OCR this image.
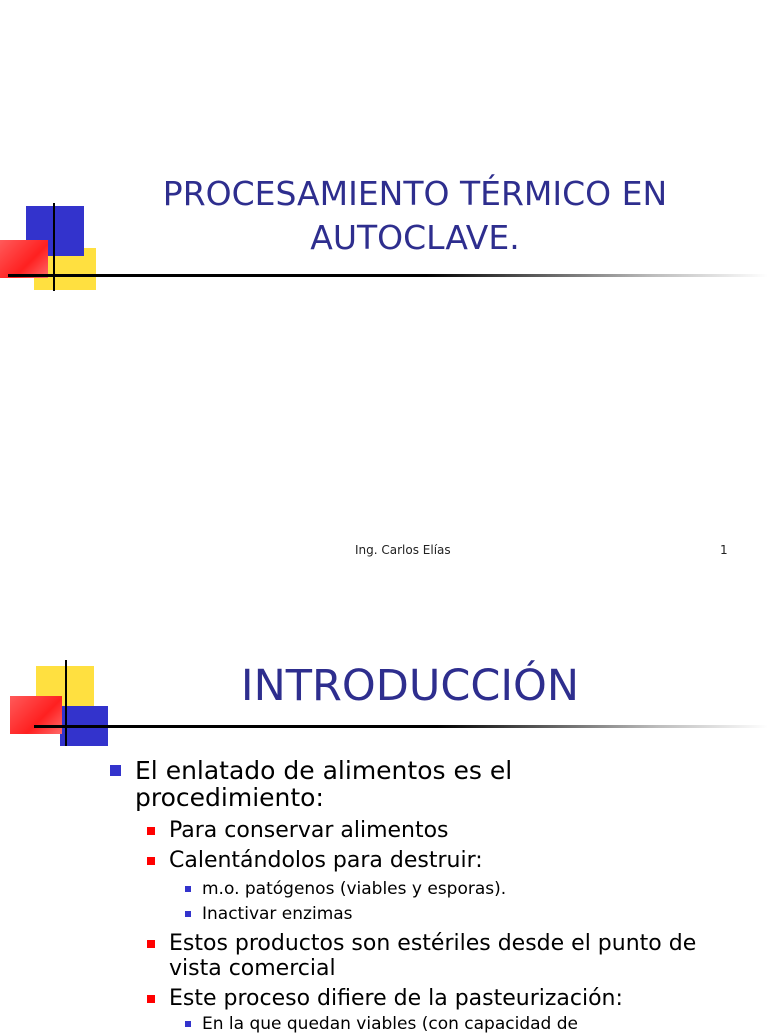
PROCESAMIENTO TÉRMICO EN
AUTOCLAVE.
Ing. Carlos Elías	1
INTRODUCCIÓN
El enlatado de alimentos es el procedimiento:
Para conservar alimentos
Calentándolos para destruir:
m.o. patógenos (viables y esporas).
Inactivar enzimas
Estos productos son estériles desde el punto de vista comercial
Este proceso difiere de la pasteurización:
En la que quedan viables (con capacidad de
